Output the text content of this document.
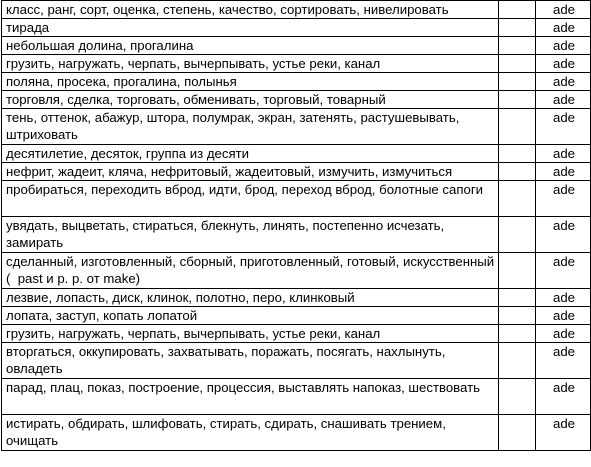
класс, ранг, сорт, оценка, степень, качество, сортировать, нивелировать		ade
тирада		ade
небольшая долина, прогалина		ade
грузить, нагружать, черпать, вычерпывать, устье реки, канал		ade
поляна, просека, прогалина, полынья		ade
торговля, сделка, торговать, обменивать, торговый, товарный		ade
тень, оттенок, абажур, штора, полумрак, экран, затенять, растушевывать, штриховать		ade
десятилетие, десяток, группа из десяти		ade
нефрит, жадеит, кляча, нефритовый, жадеитовый, измучить, измучиться		ade
пробираться, переходить вброд, идти, брод, переход вброд, болотные сапоги		ade
увядать, выцветать, стираться, блекнуть, линять, постепенно исчезать, замирать		ade
сделанный, изготовленный, сборный, приготовленный, готовый, искусственный (  past и p. p. от make)		ade
лезвие, лопасть, диск, клинок, полотно, перо, клинковый		ade
лопата, заступ, копать лопатой		ade
грузить, нагружать, черпать, вычерпывать, устье реки, канал		ade
вторгаться, оккупировать, захватывать, поражать, посягать, нахлынуть, овладеть		ade
парад, плац, показ, построение, процессия, выставлять напоказ, шествовать		ade
истирать, обдирать, шлифовать, стирать, сдирать, снашивать трением, очищать		ade
